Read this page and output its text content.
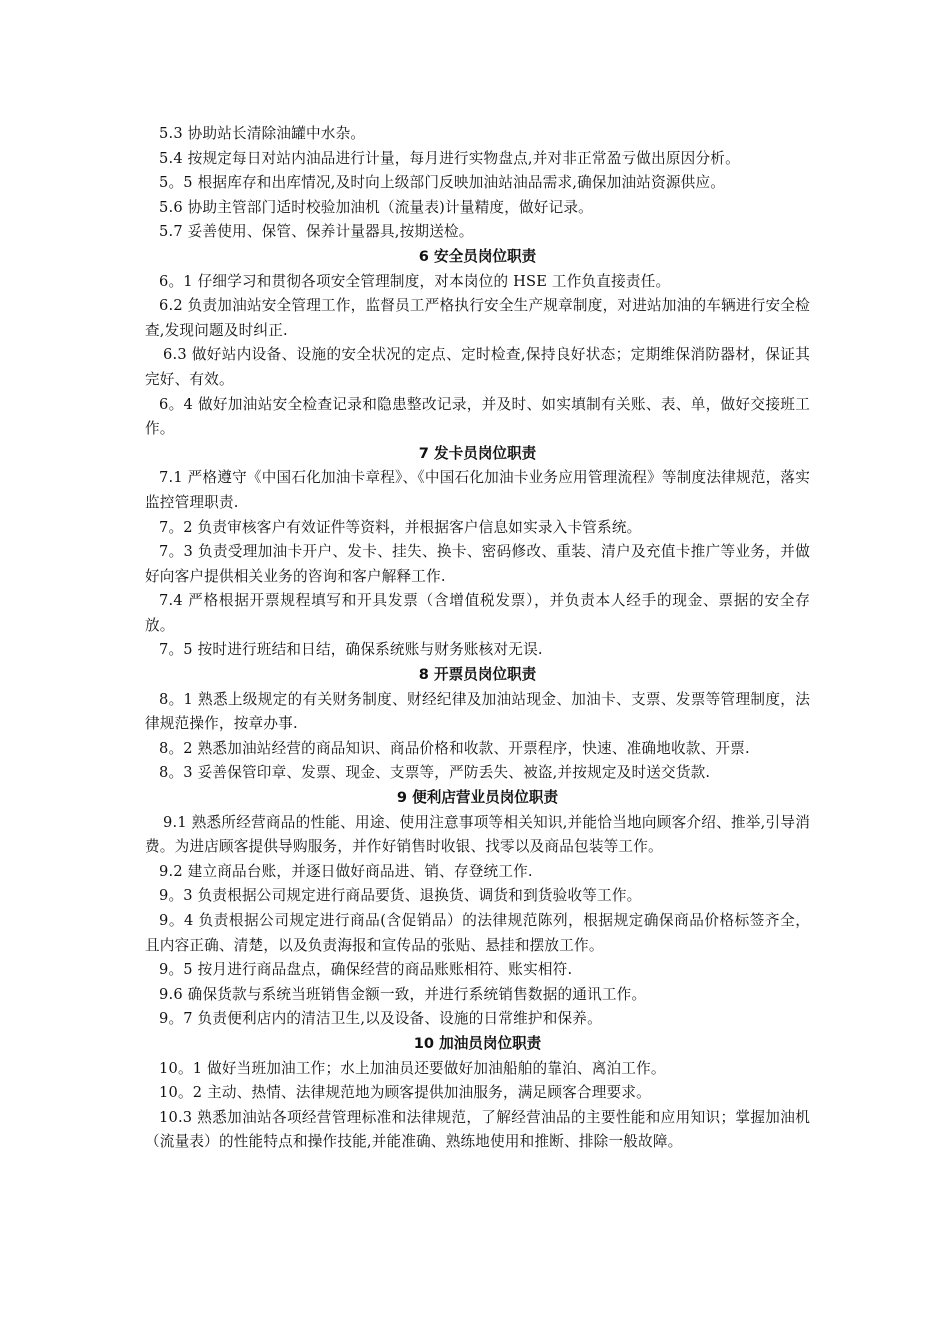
5.3 协助站长清除油罐中水杂。

5.4 按规定每日对站内油品进行计量，每月进行实物盘点,并对非正常盈亏做出原因分析。

5。5 根据库存和出库情况,及时向上级部门反映加油站油品需求,确保加油站资源供应。

5.6 协助主管部门适时校验加油机（流量表)计量精度，做好记录。

5.7 妥善使用、保管、保养计量器具,按期送检。

6 安全员岗位职责

6。1 仔细学习和贯彻各项安全管理制度，对本岗位的 HSE 工作负直接责任。

6.2 负责加油站安全管理工作，监督员工严格执行安全生产规章制度，对进站加油的车辆进行安全检查,发现问题及时纠正.

6.3 做好站内设备、设施的安全状况的定点、定时检查,保持良好状态；定期维保消防器材，保证其完好、有效。

6。4 做好加油站安全检查记录和隐患整改记录，并及时、如实填制有关账、表、单，做好交接班工作。

7 发卡员岗位职责

7.1 严格遵守《中国石化加油卡章程》、《中国石化加油卡业务应用管理流程》等制度法律规范，落实监控管理职责.

7。2 负责审核客户有效证件等资料，并根据客户信息如实录入卡管系统。

7。3 负责受理加油卡开户、发卡、挂失、换卡、密码修改、重装、清户及充值卡推广等业务，并做好向客户提供相关业务的咨询和客户解释工作.

7.4 严格根据开票规程填写和开具发票（含增值税发票），并负责本人经手的现金、票据的安全存放。

7。5 按时进行班结和日结，确保系统账与财务账核对无误.

8 开票员岗位职责

8。1 熟悉上级规定的有关财务制度、财经纪律及加油站现金、加油卡、支票、发票等管理制度，法律规范操作，按章办事.

8。2 熟悉加油站经营的商品知识、商品价格和收款、开票程序，快速、准确地收款、开票.

8。3 妥善保管印章、发票、现金、支票等，严防丢失、被盗,并按规定及时送交货款.

9 便利店营业员岗位职责

9.1 熟悉所经营商品的性能、用途、使用注意事项等相关知识,并能恰当地向顾客介绍、推举,引导消费。为进店顾客提供导购服务，并作好销售时收银、找零以及商品包装等工作。

9.2 建立商品台账，并逐日做好商品进、销、存登统工作.

9。3 负责根据公司规定进行商品要货、退换货、调货和到货验收等工作。

9。4 负责根据公司规定进行商品(含促销品）的法律规范陈列，根据规定确保商品价格标签齐全，且内容正确、清楚，以及负责海报和宣传品的张贴、悬挂和摆放工作。

9。5 按月进行商品盘点，确保经营的商品账账相符、账实相符.

9.6 确保货款与系统当班销售金额一致，并进行系统销售数据的通讯工作。

9。7 负责便利店内的清洁卫生,以及设备、设施的日常维护和保养。

10 加油员岗位职责

10。1 做好当班加油工作；水上加油员还要做好加油船舶的靠泊、离泊工作。

10。2 主动、热情、法律规范地为顾客提供加油服务，满足顾客合理要求。

10.3 熟悉加油站各项经营管理标准和法律规范，了解经营油品的主要性能和应用知识；掌握加油机（流量表）的性能特点和操作技能,并能准确、熟练地使用和推断、排除一般故障。
